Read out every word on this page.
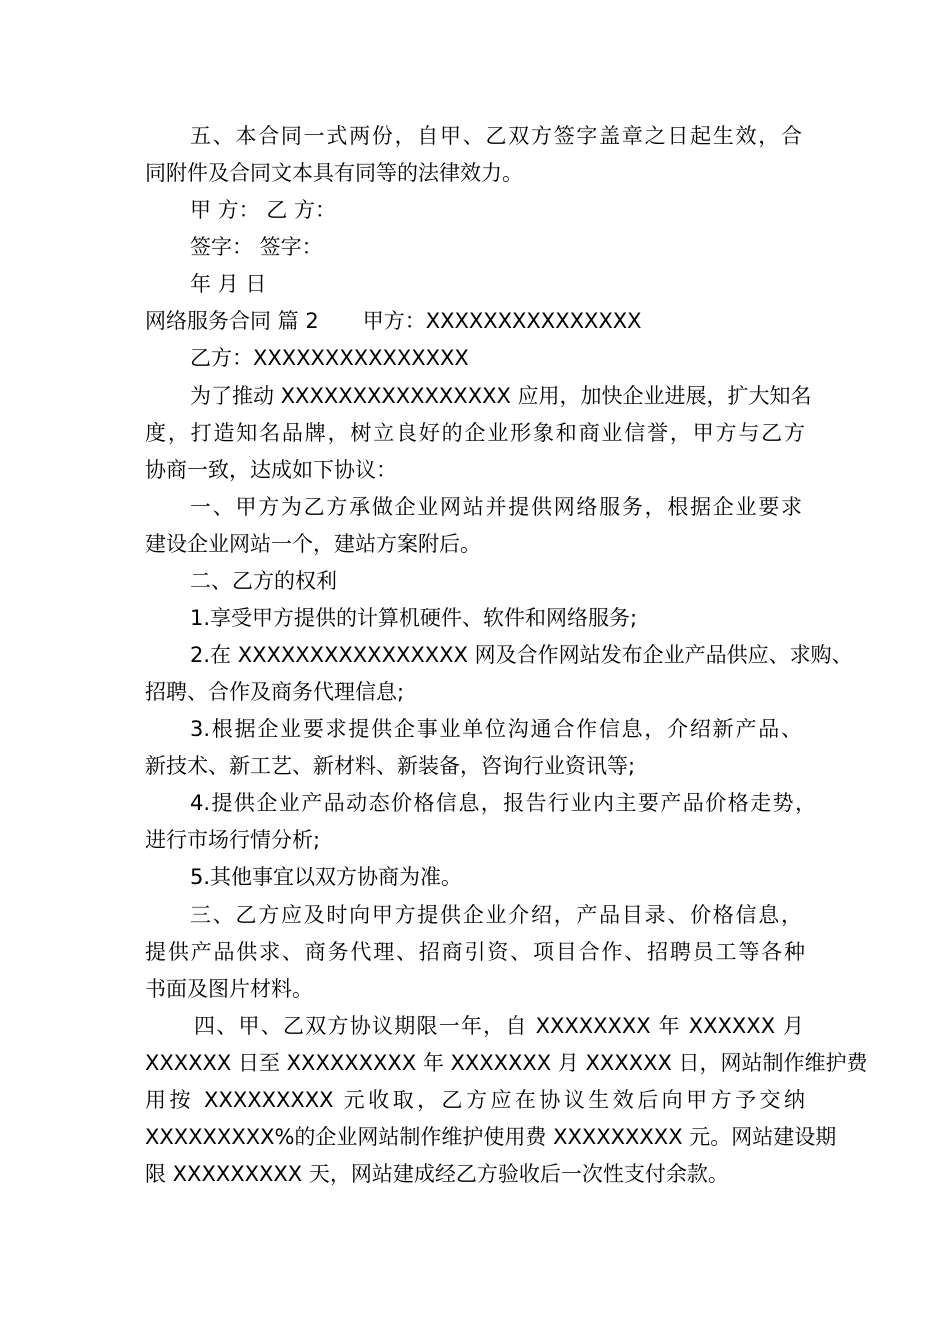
五、本合同一式两份，自甲、乙双方签字盖章之日起生效，合
同附件及合同文本具有同等的法律效力。
甲 方： 乙 方：
签字： 签字：
年 月 日
网络服务合同 篇 2 甲方：XXXXXXXXXXXXXXX
乙方：XXXXXXXXXXXXXXX
为了推动 XXXXXXXXXXXXXXXX 应用，加快企业进展，扩大知名
度，打造知名品牌，树立良好的企业形象和商业信誉，甲方与乙方
协商一致，达成如下协议：
一、甲方为乙方承做企业网站并提供网络服务，根据企业要求
建设企业网站一个，建站方案附后。
二、乙方的权利
1.享受甲方提供的计算机硬件、软件和网络服务;
2.在 XXXXXXXXXXXXXXXX 网及合作网站发布企业产品供应、求购、
招聘、合作及商务代理信息;
3.根据企业要求提供企事业单位沟通合作信息，介绍新产品、
新技术、新工艺、新材料、新装备，咨询行业资讯等;
4.提供企业产品动态价格信息，报告行业内主要产品价格走势，
进行市场行情分析;
5.其他事宜以双方协商为准。
三、乙方应及时向甲方提供企业介绍，产品目录、价格信息，
提供产品供求、商务代理、招商引资、项目合作、招聘员工等各种
书面及图片材料。
四、甲、乙双方协议期限一年，自 XXXXXXXX 年 XXXXXX 月
XXXXXX 日至 XXXXXXXXX 年 XXXXXXX 月 XXXXXX 日，网站制作维护费
用按 XXXXXXXXX 元收取，乙方应在协议生效后向甲方予交纳
XXXXXXXXX%的企业网站制作维护使用费 XXXXXXXXX 元。网站建设期
限 XXXXXXXXX 天，网站建成经乙方验收后一次性支付余款。
